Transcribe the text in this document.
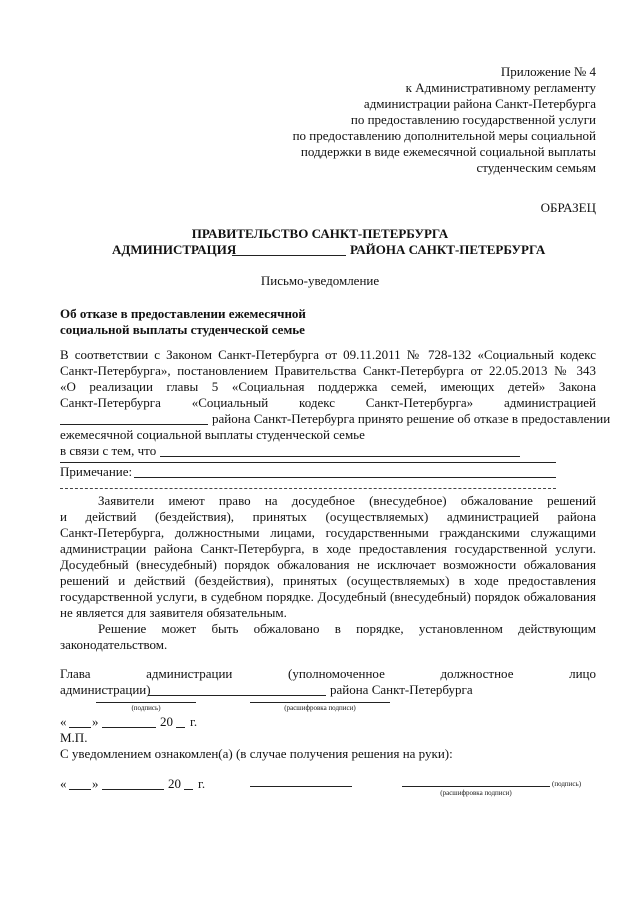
Приложение № 4
к Административному регламенту
администрации района Санкт-Петербурга
по предоставлению государственной услуги
по предоставлению дополнительной меры социальной
поддержки в виде ежемесячной социальной выплаты
студенческим семьям
ОБРАЗЕЦ
ПРАВИТЕЛЬСТВО САНКТ-ПЕТЕРБУРГА
АДМИНИСТРАЦИЯ	РАЙОНА САНКТ-ПЕТЕРБУРГА
Письмо-уведомление
Об отказе в предоставлении ежемесячной
социальной выплаты студенческой семье
В соответствии с Законом Санкт-Петербурга от 09.11.2011 № 728-132 «Социальный кодекс
Санкт-Петербурга», постановлением Правительства Санкт-Петербурга от 22.05.2013 № 343
«О реализации главы 5 «Социальная поддержка семей, имеющих детей» Закона
Санкт-Петербурга «Социальный кодекс Санкт-Петербурга» администрацией
района Санкт-Петербурга принято решение об отказе в предоставлении
ежемесячной социальной выплаты студенческой семье
в связи с тем, что
Примечание:
Заявители имеют право на досудебное (внесудебное) обжалование решений
и действий (бездействия), принятых (осуществляемых) администрацией района
Санкт-Петербурга, должностными лицами, государственными гражданскими служащими
администрации района Санкт-Петербурга, в ходе предоставления государственной услуги.
Досудебный (внесудебный) порядок обжалования не исключает возможности обжалования
решений и действий (бездействия), принятых (осуществляемых) в ходе предоставления
государственной услуги, в судебном порядке. Досудебный (внесудебный) порядок обжалования
не является для заявителя обязательным.
Решение может быть обжаловано в порядке, установленном действующим
законодательством.
Глава администрации (уполномоченное должностное лицо
администрации)	района Санкт-Петербурга
(подпись)	(расшифровка подписи)
« »	20 г.
М.П.
С уведомлением ознакомлен(а) (в случае получения решения на руки):
« »	20 г.	(подпись)
(расшифровка подписи)
